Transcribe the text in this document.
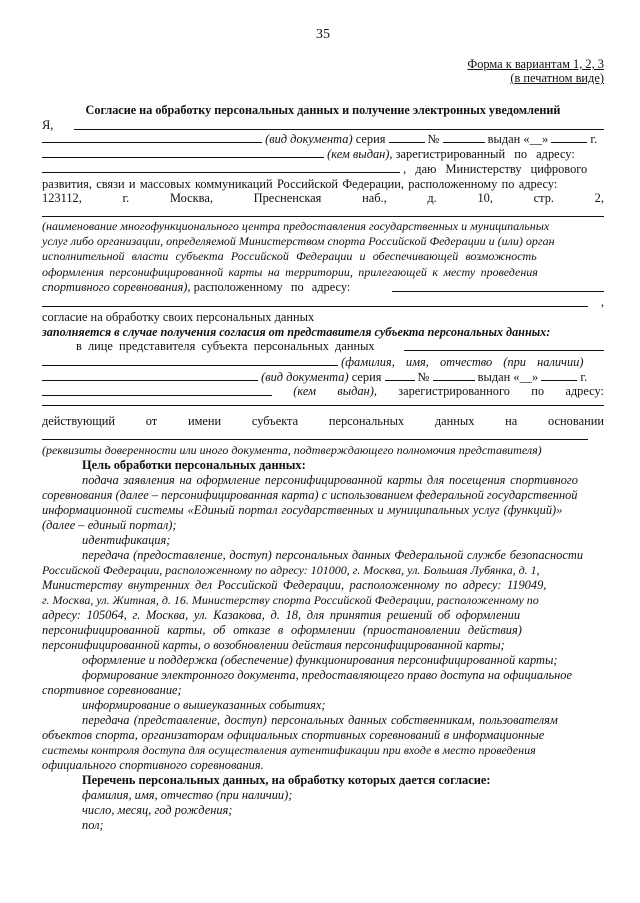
35
Форма к вариантам 1, 2, 3
(в печатном виде)
Согласие на обработку персональных данных и получение электронных уведомлений
Я,
(вид документа) серия	№	выдан «__»	г.
(кем выдан), зарегистрированный по адресу:
, даю Министерству цифрового
развития, связи и массовых коммуникаций Российской Федерации, расположенному по адресу:
123112,	г.	Москва,	Пресненская	наб.,	д.	10,	стр.	2,
(наименование многофункционального центра предоставления государственных и муниципальных
услуг либо организации, определяемой Министерством спорта Российской Федерации и (или) орган
исполнительной власти субъекта Российской Федерации и обеспечивающей возможность
оформления персонифицированной карты на территории, прилегающей к месту проведения
спортивного соревнования), расположенному по адресу:
,
согласие на обработку своих персональных данных
заполняется в случае получения согласия от представителя субъекта персональных данных:
в лице представителя субъекта персональных данных
(фамилия, имя, отчество (при наличии)
(вид документа) серия	№	выдан «__»	г.
(кем выдан), зарегистрированного по адресу:
действующий от имени субъекта персональных данных на основании
(реквизиты доверенности или иного документа, подтверждающего полномочия представителя)
Цель обработки персональных данных:
подача заявления на оформление персонифицированной карты для посещения спортивного
соревнования (далее – персонифицированная карта) с использованием федеральной государственной
информационной системы «Единый портал государственных и муниципальных услуг (функций)»
(далее – единый портал);
идентификация;
передача (предоставление, доступ) персональных данных Федеральной службе безопасности
Российской Федерации, расположенному по адресу: 101000, г. Москва, ул. Большая Лубянка, д. 1,
Министерству внутренних дел Российской Федерации, расположенному по адресу: 119049,
г. Москва, ул. Житная, д. 16. Министерству спорта Российской Федерации, расположенному по
адресу: 105064, г. Москва, ул. Казакова, д. 18, для принятия решений об оформлении
персонифицированной карты, об отказе в оформлении (приостановлении действия)
персонифицированной карты, о возобновлении действия персонифицированной карты;
оформление и поддержка (обеспечение) функционирования персонифицированной карты;
формирование электронного документа, предоставляющего право доступа на официальное
спортивное соревнование;
информирование о вышеуказанных событиях;
передача (представление, доступ) персональных данных собственникам, пользователям
объектов спорта, организаторам официальных спортивных соревнований в информационные
системы контроля доступа для осуществления аутентификации при входе в место проведения
официального спортивного соревнования.
Перечень персональных данных, на обработку которых дается согласие:
фамилия, имя, отчество (при наличии);
число, месяц, год рождения;
пол;
